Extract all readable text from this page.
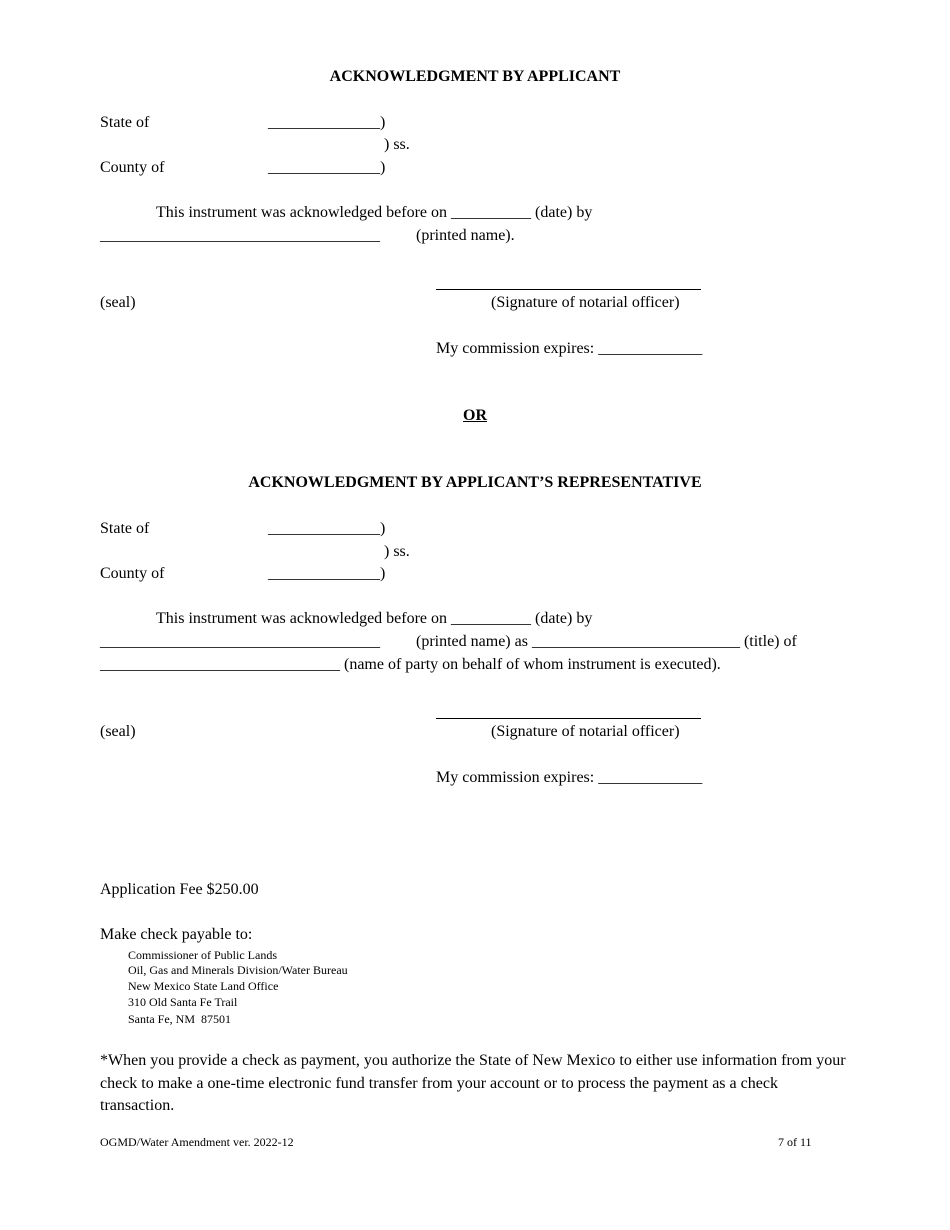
ACKNOWLEDGMENT BY APPLICANT
State of	______________)
) ss.
County of	______________)
This instrument was acknowledged before on __________ (date) by
___________________________________ (printed name).
(seal)	(Signature of notarial officer)
My commission expires: _____________
OR
ACKNOWLEDGMENT BY APPLICANT’S REPRESENTATIVE
State of	______________)
) ss.
County of	______________)
This instrument was acknowledged before on __________ (date) by
___________________________________ (printed name) as __________________________ (title) of
______________________________ (name of party on behalf of whom instrument is executed).
(seal)	(Signature of notarial officer)
My commission expires: _____________
Application Fee $250.00
Make check payable to:
Commissioner of Public Lands
Oil, Gas and Minerals Division/Water Bureau
New Mexico State Land Office
310 Old Santa Fe Trail
Santa Fe, NM  87501
*When you provide a check as payment, you authorize the State of New Mexico to either use information from your check to make a one-time electronic fund transfer from your account or to process the payment as a check transaction.
OGMD/Water Amendment ver. 2022-12	7 of 11
